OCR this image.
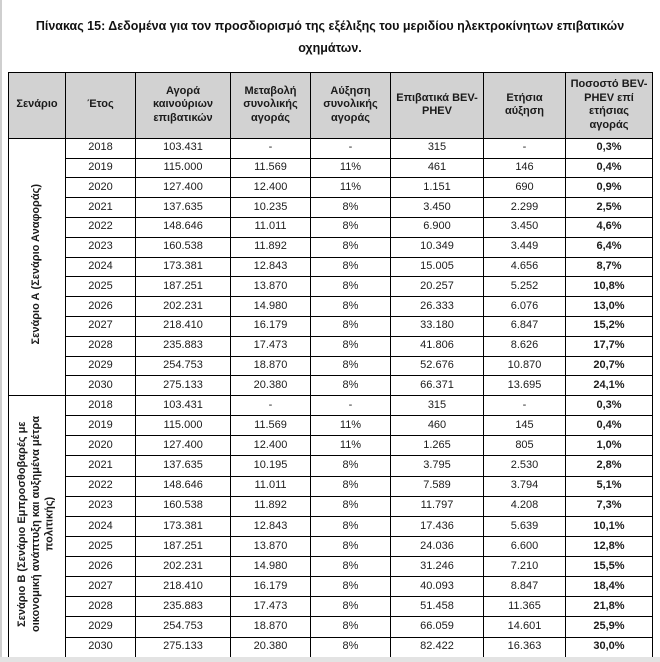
Πίνακας 15: Δεδομένα για τον προσδιορισμό της εξέλιξης του μεριδίου ηλεκτροκίνητων επιβατικών οχημάτων.
Σενάριο	Έτος	Αγορά καινούριων επιβατικών	Μεταβολή συνολικής αγοράς	Αύξηση συνολικής αγοράς	Επιβατικά BEV-PHEV	Ετήσια αύξηση	Ποσοστό BEV-PHEV επί ετήσιας αγοράς
Σενάριο Α (Σενάριο Αναφοράς)	2018	103.431	-	-	315	-	0,3%
	2019	115.000	11.569	11%	461	146	0,4%
	2020	127.400	12.400	11%	1.151	690	0,9%
	2021	137.635	10.235	8%	3.450	2.299	2,5%
	2022	148.646	11.011	8%	6.900	3.450	4,6%
	2023	160.538	11.892	8%	10.349	3.449	6,4%
	2024	173.381	12.843	8%	15.005	4.656	8,7%
	2025	187.251	13.870	8%	20.257	5.252	10,8%
	2026	202.231	14.980	8%	26.333	6.076	13,0%
	2027	218.410	16.179	8%	33.180	6.847	15,2%
	2028	235.883	17.473	8%	41.806	8.626	17,7%
	2029	254.753	18.870	8%	52.676	10.870	20,7%
	2030	275.133	20.380	8%	66.371	13.695	24,1%
Σενάριο Β (Σενάριο Εμπροσθοβαρές με οικονομική ανάπτυξη και αυξημένα μέτρα πολιτικής)	2018	103.431	-	-	315	-	0,3%
	2019	115.000	11.569	11%	460	145	0,4%
	2020	127.400	12.400	11%	1.265	805	1,0%
	2021	137.635	10.195	8%	3.795	2.530	2,8%
	2022	148.646	11.011	8%	7.589	3.794	5,1%
	2023	160.538	11.892	8%	11.797	4.208	7,3%
	2024	173.381	12.843	8%	17.436	5.639	10,1%
	2025	187.251	13.870	8%	24.036	6.600	12,8%
	2026	202.231	14.980	8%	31.246	7.210	15,5%
	2027	218.410	16.179	8%	40.093	8.847	18,4%
	2028	235.883	17.473	8%	51.458	11.365	21,8%
	2029	254.753	18.870	8%	66.059	14.601	25,9%
	2030	275.133	20.380	8%	82.422	16.363	30,0%
